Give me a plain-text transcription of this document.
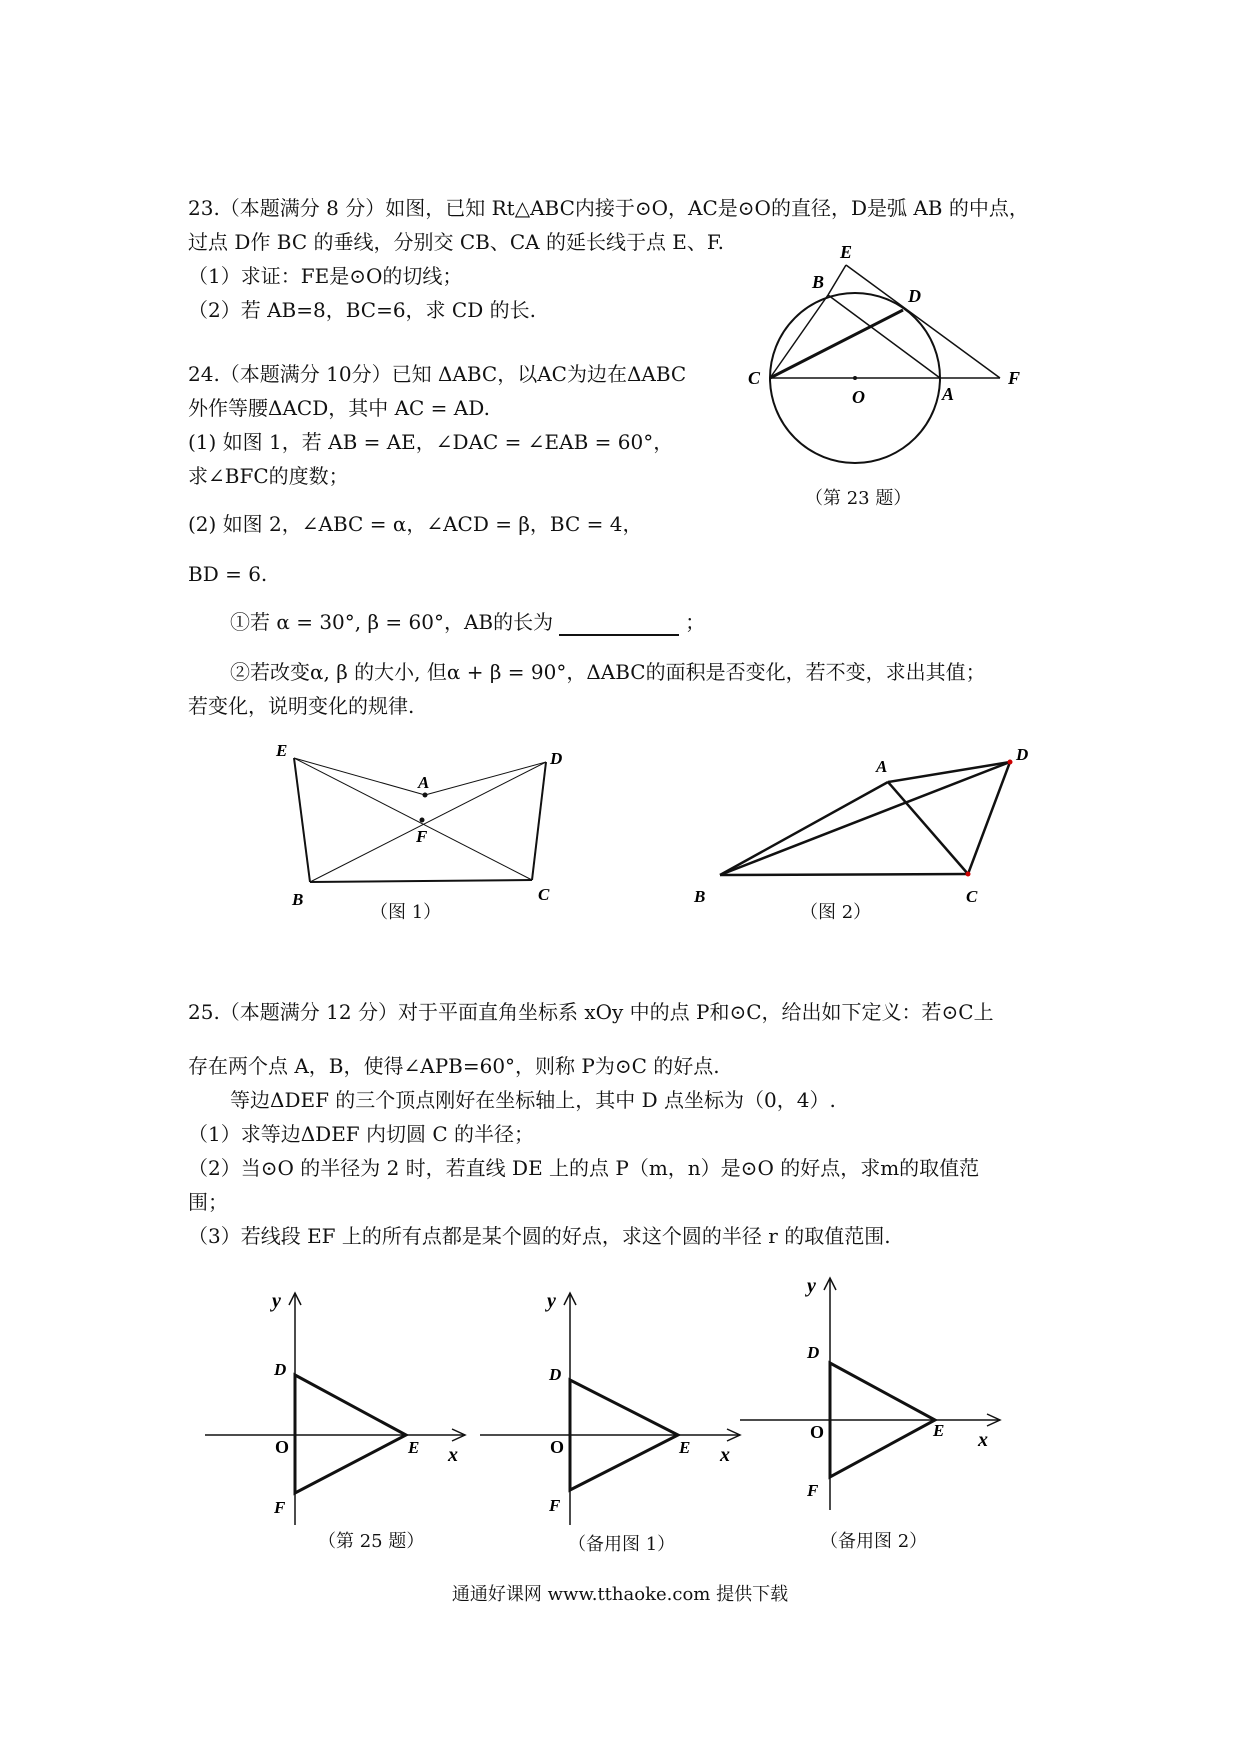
23.（本题满分 8 分）如图，已知 Rt△ABC内接于⊙O，AC是⊙O的直径，D是弧 AB 的中点，
过点 D作 BC 的垂线，分别交 CB、CA 的延长线于点 E、F.
（1）求证：FE是⊙O的切线；
（2）若 AB=8，BC=6，求 CD 的长.
E
B
D
C
O	A
F
（第 23 题）
24.（本题满分 10分）已知 ΔABC，以AC为边在ΔABC
外作等腰ΔACD，其中 AC = AD.
(1) 如图 1，若 AB = AE，∠DAC = ∠EAB = 60°，
求∠BFC的度数；
(2) 如图 2，∠ABC = α，∠ACD = β，BC = 4，
BD = 6.
①若 α = 30°, β = 60°，AB的长为	；
②若改变α, β 的大小, 但α + β = 90°，ΔABC的面积是否变化，若不变，求出其值；
若变化，说明变化的规律.
E	D
A
F
B	C
（图 1）
A
D
B	C
（图 2）
25.（本题满分 12 分）对于平面直角坐标系 xOy 中的点 P和⊙C，给出如下定义：若⊙C上
存在两个点 A，B，使得∠APB=60°，则称 P为⊙C 的好点.
等边ΔDEF 的三个顶点刚好在坐标轴上，其中 D 点坐标为（0，4）.
（1）求等边ΔDEF 内切圆 C 的半径；
（2）当⊙O 的半径为 2 时，若直线 DE 上的点 P（m，n）是⊙O 的好点，求m的取值范
围；
（3）若线段 EF 上的所有点都是某个圆的好点，求这个圆的半径 r 的取值范围.
y
x
O
D
E
F
（第 25 题）
y
x
O
D
E
F
（备用图 1）
y
x
O
D
E
F
（备用图 2）
通通好课网 www.tthaoke.com 提供下载
